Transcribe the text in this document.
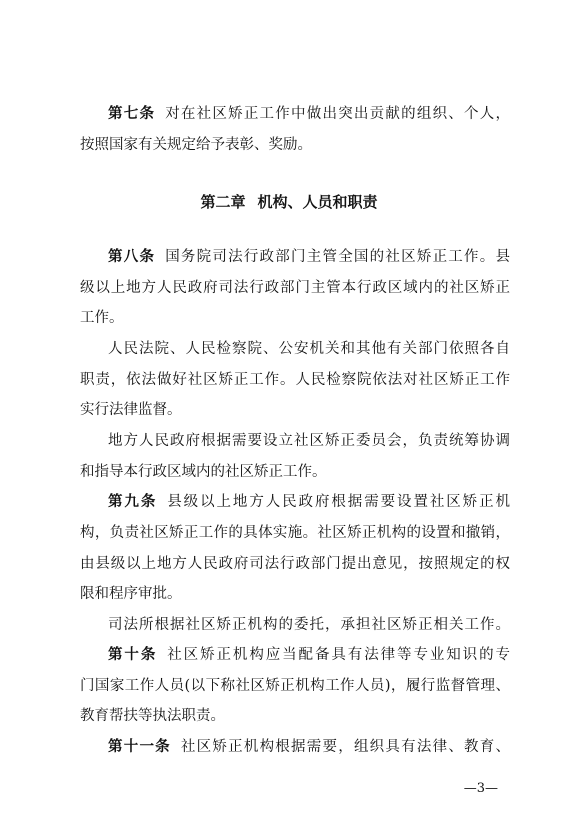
第七条 对在社区矫正工作中做出突出贡献的组织、个人，
按照国家有关规定给予表彰、奖励。
第二章 机构、人员和职责
第八条 国务院司法行政部门主管全国的社区矫正工作。县
级以上地方人民政府司法行政部门主管本行政区域内的社区矫正
工作。
人民法院、人民检察院、公安机关和其他有关部门依照各自
职责，依法做好社区矫正工作。人民检察院依法对社区矫正工作
实行法律监督。
地方人民政府根据需要设立社区矫正委员会，负责统筹协调
和指导本行政区域内的社区矫正工作。
第九条 县级以上地方人民政府根据需要设置社区矫正机
构，负责社区矫正工作的具体实施。社区矫正机构的设置和撤销，
由县级以上地方人民政府司法行政部门提出意见，按照规定的权
限和程序审批。
司法所根据社区矫正机构的委托，承担社区矫正相关工作。
第十条 社区矫正机构应当配备具有法律等专业知识的专
门国家工作人员(以下称社区矫正机构工作人员)，履行监督管理、
教育帮扶等执法职责。
第十一条 社区矫正机构根据需要，组织具有法律、教育、
—3—
